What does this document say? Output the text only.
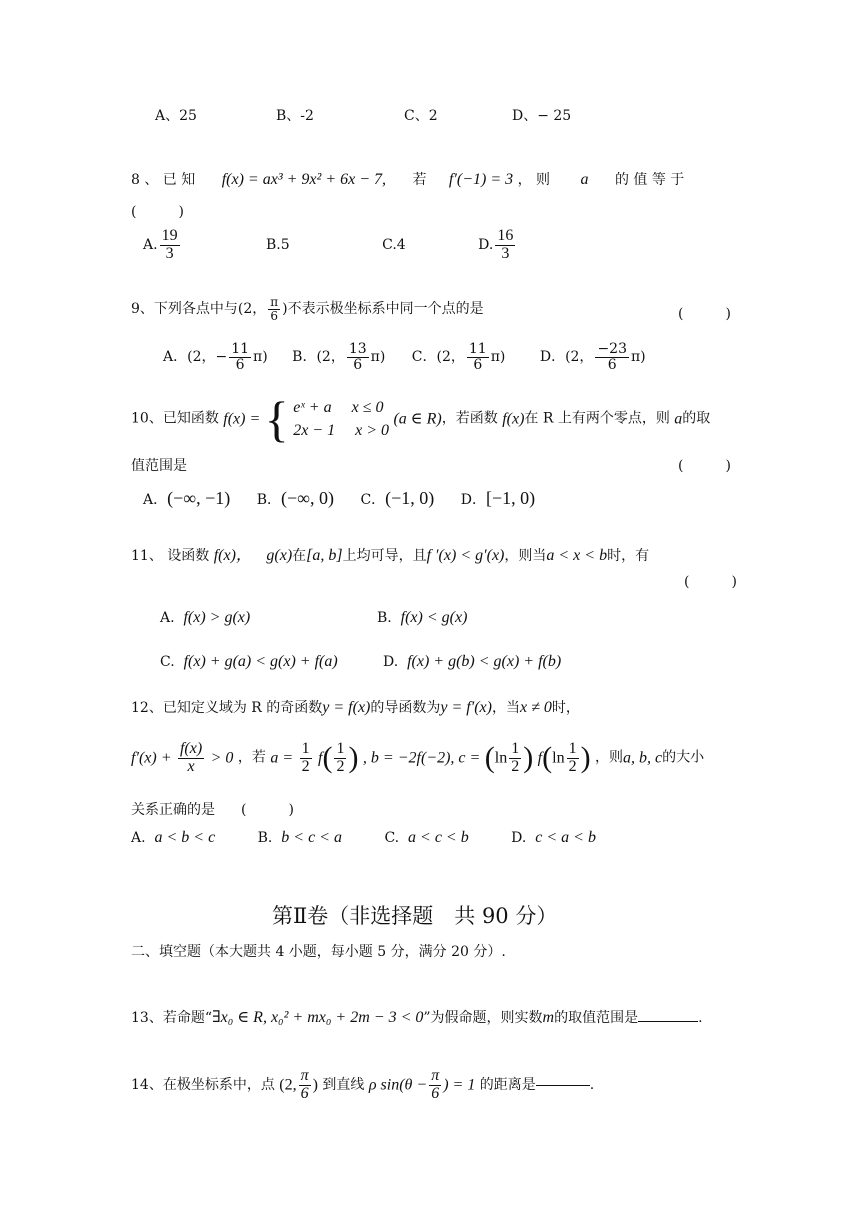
A、25	B、-2	C、2	D、− 25
8 、 已 知 f(x) = ax³ + 9x² + 6x − 7, 若 f′(−1) = 3 ， 则 a 的 值 等 于
(　　　)
A. $\frac{19}{3}$	B.5	C.4	D. $\frac{16}{3}$
9、下列各点中与(2， $\frac{\pi}{6}$ )不表示极坐标系中同一个点的是	(　　　)
A．(2，− $\frac{11}{6} \pi$) B．(2， $\frac{13}{6} \pi$) C．(2， $\frac{11}{6} \pi$) D．(2， $\frac{-23}{6} \pi$)
10、已知函数 f(x) = { eˣ + a　 x ≤ 0
2x − 1　 x > 0
(a ∈ R)，若函数 f(x)在 R 上有两个零点，则 a的取
值范围是	(　　　)
A．(−∞, −1) B．(−∞, 0) C．(−1, 0) D．[−1, 0)
11、 设函数 f(x)， g(x)在[a, b]上均可导，且f ′(x) < g′(x)，则当a < x < b时，有
(　　　)
A. f(x) > g(x)	B. f(x) < g(x)
C. f(x) + g(a) < g(x) + f(a)	D. f(x) + g(b) < g(x) + f(b)
12、已知定义域为 R 的奇函数y = f(x)的导函数为y = f′(x)，当x ≠ 0时，
$f'(x) + \frac{f(x)}{x} > 0$ ，若 $a = \frac{1}{2} f( \frac{1}{2}$ ) , b = −2f(−2), $c = (\ln \frac{1}{2}$ ) $f(\ln \frac{1}{2}$ ) ，则a, b, c的大小
关系正确的是 (　　　)
A. a < b < c	B. b < c < a	C. a < c < b	D. c < a < b
第Ⅱ卷（非选择题　共 90 分）
二、填空题（本大题共 4 小题，每小题 5 分，满分 20 分）.
13、若命题“∃x₀ ∈ R, x₀² + mx₀ + 2m − 3 < 0”为假命题，则实数m的取值范围是	.
14、在极坐标系中，点 (2, $\frac{\pi}{6}$ ) 到直线 ρ $\sin(\theta - \frac{\pi}{6}$ ) = 1 的距离是	.
